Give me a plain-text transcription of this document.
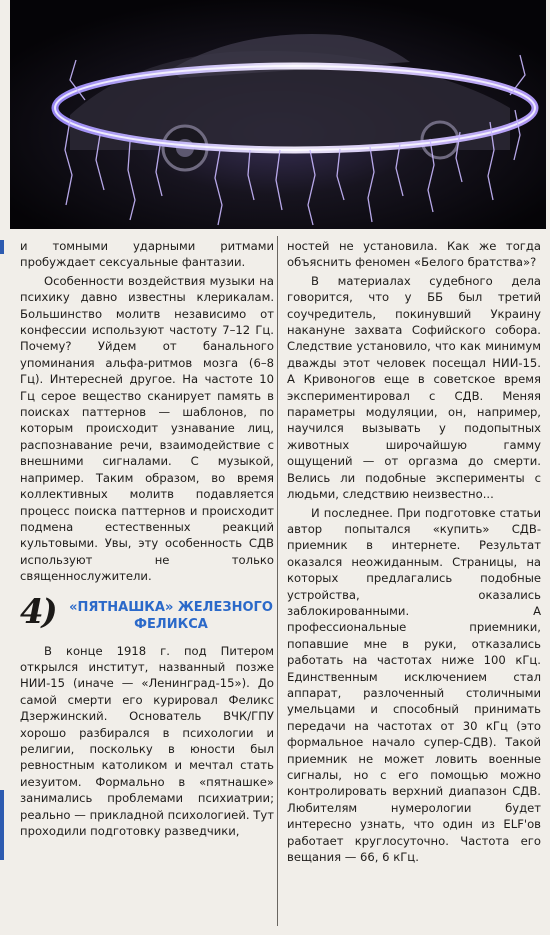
и томными ударными ритмами пробуждает сексуальные фантазии.

Особенности воздействия музыки на психику давно известны клерикалам. Большинство молитв независимо от конфессии используют частоту 7–12 Гц. Почему? Уйдем от банального упоминания альфа-ритмов мозга (6–8 Гц). Интересней другое. На частоте 10 Гц серое вещество сканирует память в поисках паттернов — шаблонов, по которым происходит узнавание лиц, распознавание речи, взаимодействие с внешними сигналами. С музыкой, например. Таким образом, во время коллективных молитв подавляется процесс поиска паттернов и происходит подмена естественных реакций культовыми. Увы, эту особенность СДВ используют не только священнослужители.

4)	«ПЯТНАШКА» ЖЕЛЕЗНОГО ФЕЛИКСА

В конце 1918 г. под Питером открылся институт, названный позже НИИ-15 (иначе — «Ленинград-15»). До самой смерти его курировал Феликс Дзержинский. Основатель ВЧК/ГПУ хорошо разбирался в психологии и религии, поскольку в юности был ревностным католиком и мечтал стать иезуитом. Формально в «пятнашке» занимались проблемами психиатрии; реально — прикладной психологией. Тут проходили подготовку разведчики,

ностей не установила. Как же тогда объяснить феномен «Белого братства»?

В материалах судебного дела говорится, что у ББ был третий соучредитель, покинувший Украину накануне захвата Софийского собора. Следствие установило, что как минимум дважды этот человек посещал НИИ-15. А Кривоногов еще в советское время экспериментировал с СДВ. Меняя параметры модуляции, он, например, научился вызывать у подопытных животных широчайшую гамму ощущений — от оргазма до смерти. Велись ли подобные эксперименты с людьми, следствию неизвестно...

И последнее. При подготовке статьи автор попытался «купить» СДВ-приемник в интернете. Результат оказался неожиданным. Страницы, на которых предлагались подобные устройства, оказались заблокированными. А профессиональные приемники, попавшие мне в руки, отказались работать на частотах ниже 100 кГц. Единственным исключением стал аппарат, разлоченный столичными умельцами и способный принимать передачи на частотах от 30 кГц (это формальное начало супер-СДВ). Такой приемник не может ловить военные сигналы, но с его помощью можно контролировать верхний диапазон СДВ. Любителям нумерологии будет интересно узнать, что один из ELF'ов работает круглосуточно. Частота его вещания — 66, 6 кГц.
